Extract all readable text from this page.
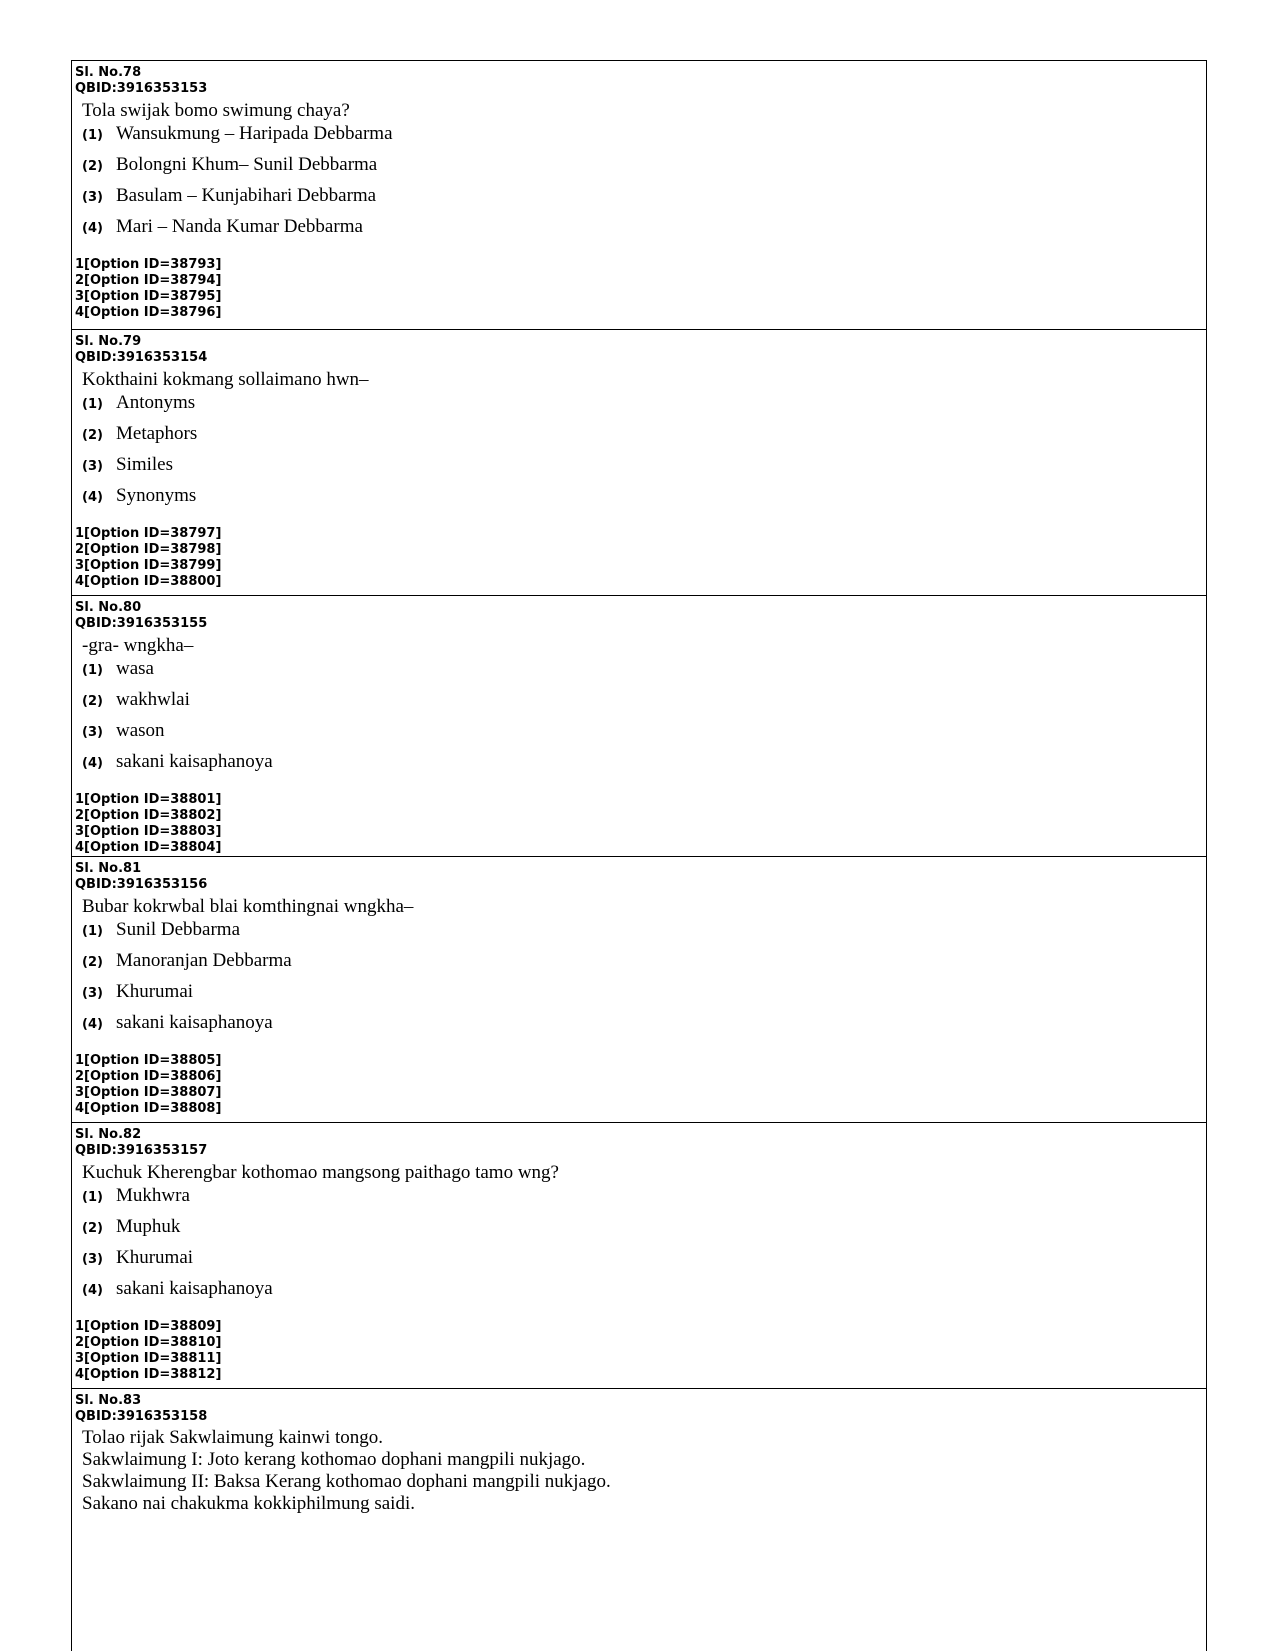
Sl. No.78
QBID:3916353153
Tola swijak bomo swimung chaya?
(1) Wansukmung – Haripada Debbarma
(2) Bolongni Khum– Sunil Debbarma
(3) Basulam – Kunjabihari Debbarma
(4) Mari – Nanda Kumar Debbarma
1[Option ID=38793]
2[Option ID=38794]
3[Option ID=38795]
4[Option ID=38796]
Sl. No.79
QBID:3916353154
Kokthaini kokmang sollaimano hwn–
(1) Antonyms
(2) Metaphors
(3) Similes
(4) Synonyms
1[Option ID=38797]
2[Option ID=38798]
3[Option ID=38799]
4[Option ID=38800]
Sl. No.80
QBID:3916353155
-gra- wngkha–
(1) wasa
(2) wakhwlai
(3) wason
(4) sakani kaisaphanoya
1[Option ID=38801]
2[Option ID=38802]
3[Option ID=38803]
4[Option ID=38804]
Sl. No.81
QBID:3916353156
Bubar kokrwbal blai komthingnai wngkha–
(1) Sunil Debbarma
(2) Manoranjan Debbarma
(3) Khurumai
(4) sakani kaisaphanoya
1[Option ID=38805]
2[Option ID=38806]
3[Option ID=38807]
4[Option ID=38808]
Sl. No.82
QBID:3916353157
Kuchuk Kherengbar kothomao mangsong paithago tamo wng?
(1) Mukhwra
(2) Muphuk
(3) Khurumai
(4) sakani kaisaphanoya
1[Option ID=38809]
2[Option ID=38810]
3[Option ID=38811]
4[Option ID=38812]
Sl. No.83
QBID:3916353158
Tolao rijak Sakwlaimung kainwi tongo.
Sakwlaimung I: Joto kerang kothomao dophani mangpili nukjago.
Sakwlaimung II: Baksa Kerang kothomao dophani mangpili nukjago.
Sakano nai chakukma kokkiphilmung saidi.
